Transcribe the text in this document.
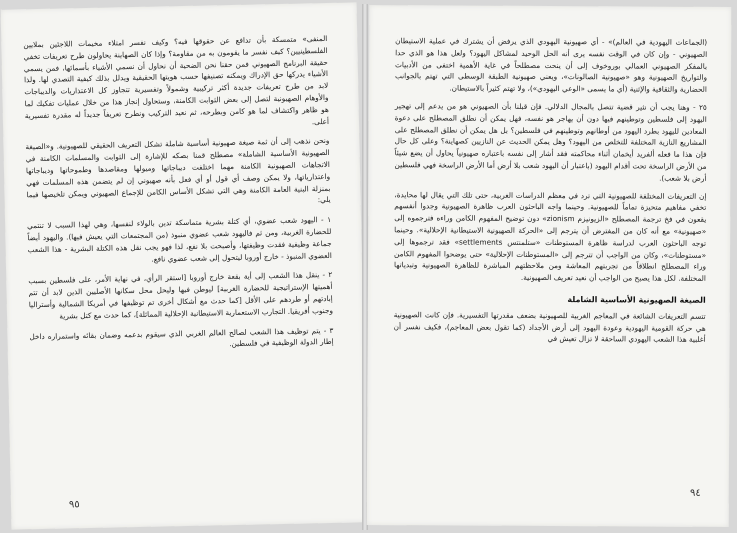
المنفى» متمسكة بأن تدافع عن حقوقها فيه؟ وكيف نفسر امتلاء مخيمات اللاجئين بملايين الفلسطينيين؟ كيف نفسر ما يقومون به من مقاومة؟ وإذا كان الصهاينة يحاولون طرح تعريفات تخفي حقيقة البرنامج الصهيوني فمن حقنا نحن الضحية أن نحاول أن نسمي الأشياء بأسمائها، فمن يسمي الأشياء يدركها حق الإدراك ويمكنه تصنيفها حسب هويتها الحقيقية ويدلل بذلك كيفية التصدي لها. ولذا لابد من طرح تعريفات جديدة أكثر تركيبية وشمولاً وتفسيرية تتجاوز كل الاعتذاريات والديباجات والأوهام الصهيونية لتصل إلى بعض الثوابت الكامنة، وستحاول إنجاز هذا من خلال عمليات تفكيك لما هو ظاهر واكتشاف لما هو كامن وبطرحه، ثم نعيد التركيب ونطرح تعريفاً جديداً له مقدرة تفسيرية أعلى.

ونحن نذهب إلى أن ثمة صيغة صهيونية أساسية شاملة تشكل التعريف الحقيقي للصهيونية. و«الصيغة الصهيونية الأساسية الشاملة» مصطلح قمنا بصكه للإشارة إلى الثوابت والمسلمات الكامنة في الاتجاهات الصهيونية الكامنة مهما اختلفت ديباجاتها وميولها ومقاصدها وطموحاتها وديباجاتها واعتذارياتها، ولا يمكن وصف أي قول أو أي فعل بأنه صهيوني إن لم يتضمن هذه المسلمات فهي بمنزلة البنية العامة الكامنة وهي التي تشكل الأساس الكامن للإجماع الصهيوني ويمكن تلخيصها فيما يلي:

١ - اليهود شعب عضوي، أي كتلة بشرية متماسكة تدين بالولاء لنفسها، وهي لهذا السبب لا تنتمي للحضارة الغربية، ومن ثم فاليهود شعب عضوي منبوذ (من المجتمعات التي يعيش فيها). واليهود أيضاً جماعة وظيفية فقدت وظيفتها، وأصبحت بلا نفع، لذا فهو يجب نقل هذه الكتلة البشرية - هذا الشعب العضوي المنبوذ - خارج أوروبا ليتحول إلى شعب عضوي نافع.

٢ - ينقل هذا الشعب إلى أية بقعة خارج أوروبا [استقر الرأي، في نهاية الأمر، على فلسطين بسبب أهميتها الإستراتيجية للحضارة الغربية] ليوطن فيها وليحل محل سكانها الأصليين الذين لابد أن تتم إبادتهم أو طردهم على الأقل [كما حدث مع أشكال أخرى تم توظيفها في أمريكا الشمالية وأستراليا وجنوب أفريقيا. التجارب الاستعمارية الاستيطانية الإحلالية المماثلة]، كما حدث مع كتل بشرية

٣ - يتم توظيف هذا الشعب لصالح العالم الغربي الذي سيقوم بدعمه وضمان بقائه واستمراره داخل إطار الدولة الوظيفية في فلسطين.

٩٥

(الجماعات اليهودية في العالم)» - أي صهيونية اليهودي الذي يرفض أن يشترك في عملية الاستيطان الصهيوني - وإن كان في الوقت نفسه يرى أنه الحل الوحيد لمشاكل اليهود؟ ولعل هذا هو الذي حدا بالمفكر الصهيوني العمالي بوروخوف إلى أن ينحت مصطلحاً في غاية الأهمية اختفى من الأدبيات والتواريخ الصهيونية وهو «صهيونية الصالونات»، ويعني صهيونية الطبقة الوسطى التي تهتم بالجوانب الحضارية والثقافية والإثنية (أي ما يسمى «الوعي اليهودي»)، ولا تهتم كثيراً بالاستيطان.

٢٥ - وهنا يجب أن نثير قضية تتصل بالمجال الدلالي. فإن قبلنا بأن الصهيوني هو من يدعم إلى تهجير اليهود إلى فلسطين وتوطينهم فيها دون أن يهاجر هو نفسه، فهل يمكن أن نطلق المصطلح على دعوة المعادين لليهود بطرد اليهود من أوطانهم وتوطينهم في فلسطين؟ بل هل يمكن أن نطلق المصطلح على المشاريع النازية المختلفة للتخلص من اليهود؟ وهل يمكن الحديث عن النازيين كصهاينة؟ وعلى كل حال فإن هذا ما فعله ألفريد أيخمان أثناء محاكمته فقد أشار إلى نفسه باعتباره صهيونياً يحاول أن يضع شيئاً من الأرض الراسخة تحت أقدام اليهود (باعتبار أن اليهود شعب بلا أرض أما الأرض الراسخة فهي فلسطين أرض بلا شعب).

إن التعريفات المختلفة للصهيونية التي ترد في معظم الدراسات الغربية، حتى تلك التي يقال لها محايدة، تخفي مفاهيم متحيزة تماماً للصهيونية. وحينما واجه الباحثون العرب ظاهرة الصهيونية وجدوا أنفسهم يقعون في فخ ترجمة المصطلح «الزيونيزم zionism» دون توضيح المفهوم الكامن وراءه فترجموه إلى «صهيونية» مع أنه كان من المفترض أن يترجم إلى «الحركة الصهيونية الاستيطانية الإحلالية». وحينما توجه الباحثون العرب لدراسة ظاهرة المستوطنات «ستلمنتس settlements» فقد ترجموها إلى «مستوطنات»، وكان من الواجب أن تترجم إلى «المستوطنات الإحلالية» حتى يوضحوا المفهوم الكامن وراء المصطلح انطلاقاً من تجربتهم المعاشة ومن ملاحظتهم المباشرة للظاهرة الصهيونية وتبدياتها المختلفة. لكل هذا يصبح من الواجب أن نعيد تعريف الصهيونية.

الصيغة الصهيونية الأساسية الشاملة

تتسم التعريفات الشائعة في المعاجم الغربية للصهيونية بضعف مقدرتها التفسيرية. فإن كانت الصهيونية هي حركة القومية اليهودية وعودة اليهود إلى أرض الأجداد (كما تقول بعض المعاجم)، فكيف نفسر أن أغلبية هذا الشعب اليهودي الساحقة لا تزال تعيش في

٩٤
